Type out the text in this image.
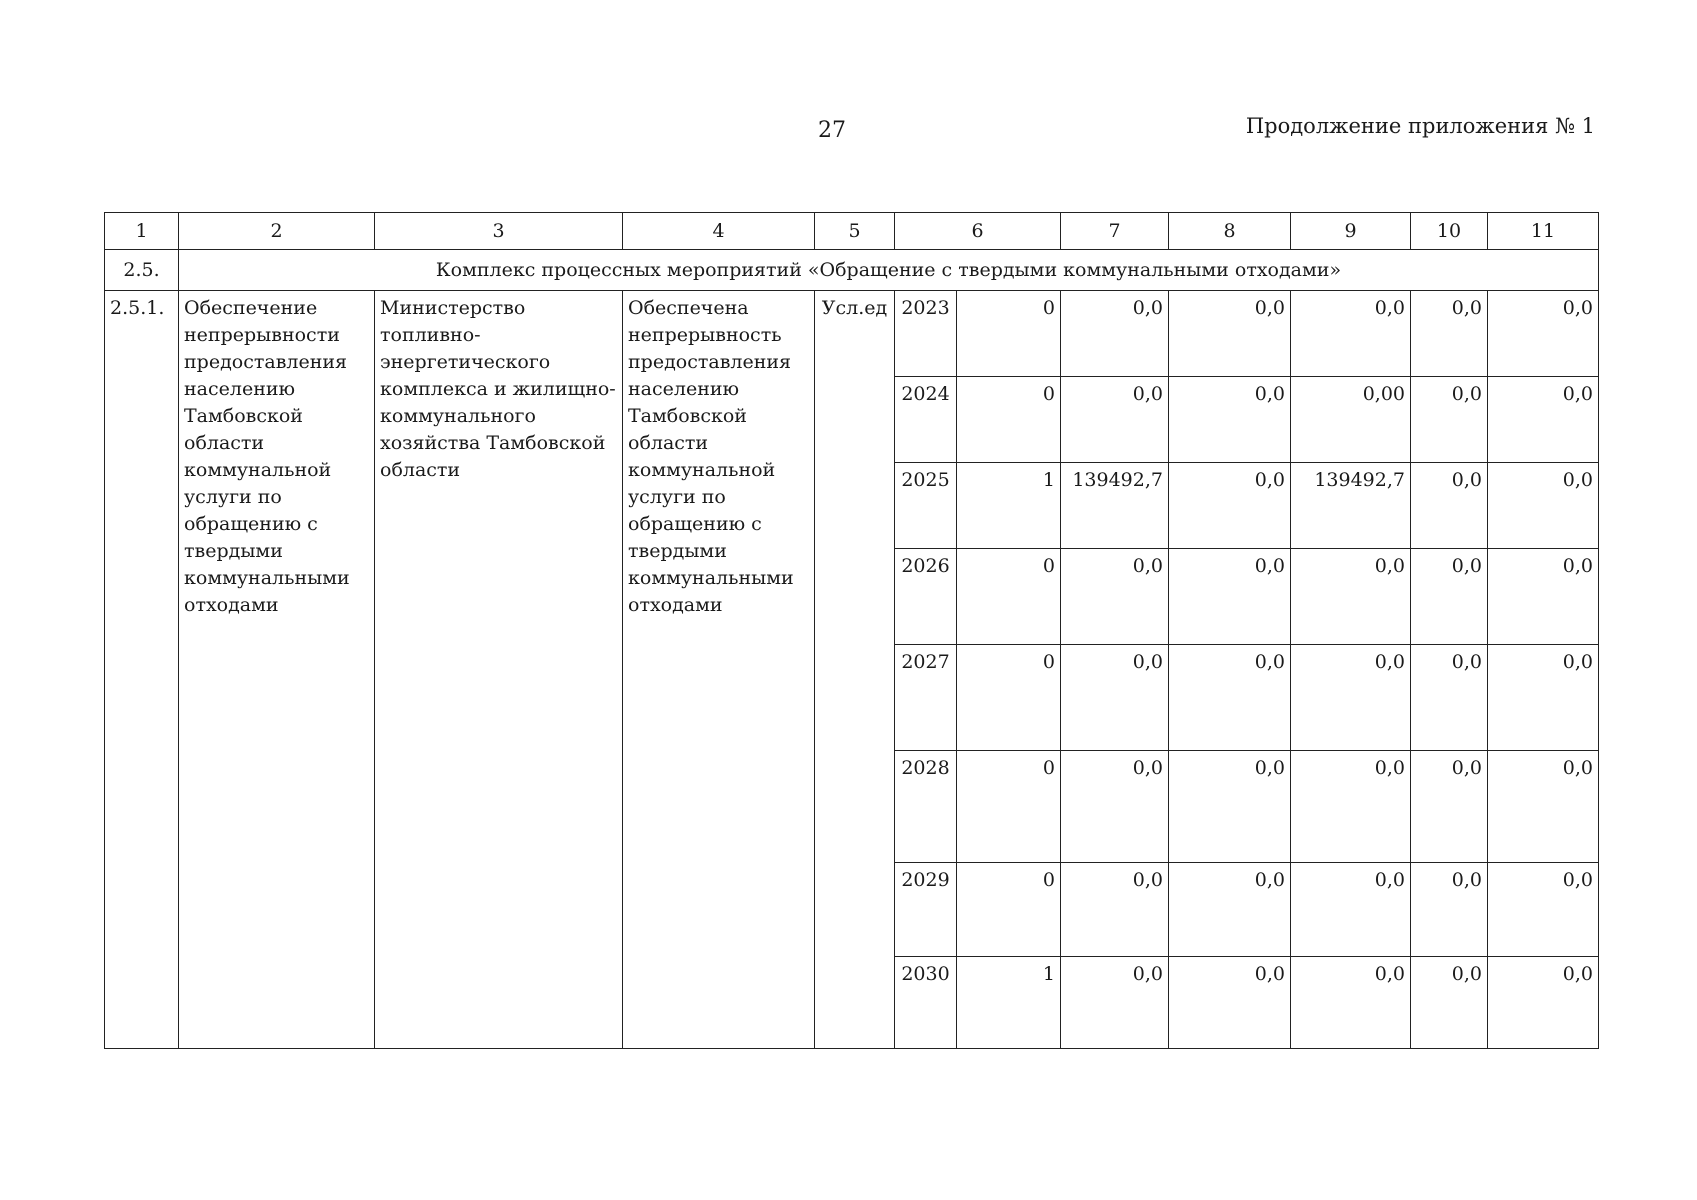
27	Продолжение приложения № 1
1	2	3	4	5	6		7	8	9	10	11
2.5.	Комплекс процессных мероприятий «Обращение с твердыми коммунальными отходами»										
2.5.1.	Обеспечение непрерывности предоставления населению Тамбовской области коммунальной услуги по обращению с твердыми коммунальными отходами	Министерство топливно-энергетического комплекса и жилищно-коммунального хозяйства Тамбовской области	Обеспечена непрерывность предоставления населению Тамбовской области коммунальной услуги по обращению с твердыми коммунальными отходами	Усл.ед	2023	0	0,0	0,0	0,0	0,0	0,0
					2024	0	0,0	0,0	0,00	0,0	0,0
					2025	1	139492,7	0,0	139492,7	0,0	0,0
					2026	0	0,0	0,0	0,0	0,0	0,0
					2027	0	0,0	0,0	0,0	0,0	0,0
					2028	0	0,0	0,0	0,0	0,0	0,0
					2029	0	0,0	0,0	0,0	0,0	0,0
					2030	1	0,0	0,0	0,0	0,0	0,0
